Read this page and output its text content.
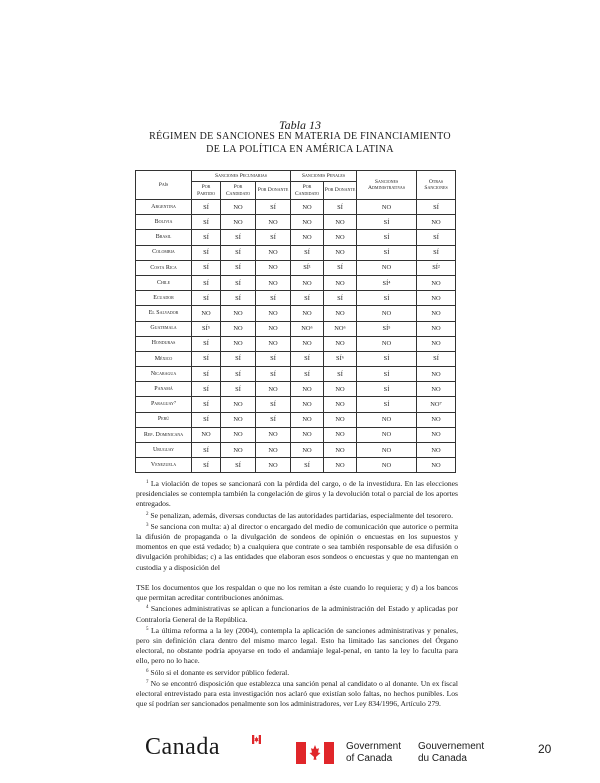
Tabla 13
RÉGIMEN DE SANCIONES EN MATERIA DE FINANCIAMIENTO
DE LA POLÍTICA EN AMÉRICA LATINA
País	Sanciones Pecuniarias			Sanciones Penales		Sanciones Administrativas	Otras Sanciones
	Por Partido	Por Candidato	Por Donante	Por Candidato	Por Donante		
Argentina	SÍ	NO	SÍ	NO	SÍ	NO	SÍ
Bolivia	SÍ	NO	NO	NO	NO	SÍ	NO
Brasil	SÍ	SÍ	SÍ	NO	NO	SÍ	SÍ
Colombia	SÍ	SÍ	NO	SÍ	NO	SÍ	SÍ
Costa Rica	SÍ	SÍ	NO	SÍ¹	SÍ	NO	SÍ²
Chile	SÍ	SÍ	NO	NO	NO	SÍ⁴	NO
Ecuador	SÍ	SÍ	SÍ	SÍ	SÍ	SÍ	NO
El Salvador	NO	NO	NO	NO	NO	NO	NO
Guatemala	SÍ⁵	NO	NO	NO⁶	NO⁶	SÍ⁵	NO
Honduras	SÍ	NO	NO	NO	NO	NO	NO
México	SÍ	SÍ	SÍ	SÍ	SÍ⁶	SÍ	SÍ
Nicaragua	SÍ	SÍ	SÍ	SÍ	SÍ	SÍ	NO
Panamá	SÍ	SÍ	NO	NO	NO	SÍ	NO
Paraguay⁷	SÍ	NO	SÍ	NO	NO	SÍ	NO⁷
Perú	SÍ	NO	SÍ	NO	NO	NO	NO
Rep. Dominicana	NO	NO	NO	NO	NO	NO	NO
Uruguay	SÍ	NO	NO	NO	NO	NO	NO
Venezuela	SÍ	SÍ	NO	SÍ	NO	NO	NO

$^1$ La violación de topes se sancionará con la pérdida del cargo, o de la investidura. En las elecciones presidenciales se contempla también la congelación de giros y la devolución total o parcial de los aportes entregados.

$^2$ Se penalizan, además, diversas conductas de las autoridades partidarias, especialmente del tesorero.

$^3$ Se sanciona con multa: a) al director o encargado del medio de comunicación que autorice o permita la difusión de propaganda o la divulgación de sondeos de opinión o encuestas en los supuestos y momentos en que está vedado; b) a cualquiera que contrate o sea también responsable de esa difusión o divulgación prohibidas; c) a las entidades que elaboran esos sondeos o encuestas y que no mantengan en custodia y a disposición del

TSE los documentos que los respaldan o que no los remitan a éste cuando lo requiera; y d) a los bancos que permitan acreditar contribuciones anónimas.

$^4$ Sanciones administrativas se aplican a funcionarios de la administración del Estado y aplicadas por Contraloría General de la República.

$^5$ La última reforma a la ley (2004), contempla la aplicación de sanciones administrativas y penales, pero sin definición clara dentro del mismo marco legal. Esto ha limitado las sanciones del Órgano electoral, no obstante podría apoyarse en todo el andamiaje legal-penal, en tanto la ley lo faculta para ello, pero no lo hace.

$^6$ Sólo si el donante es servidor público federal.

$^7$ No se encontró disposición que establezca una sanción penal al candidato o al donante. Un ex fiscal electoral entrevistado para esta investigación nos aclaró que existían solo faltas, no hechos punibles. Los que sí podrían ser sancionados penalmente son los administradores, ver Ley 834/1996, Artículo 279.

Canada	Government
of Canada
Gouvernement
du Canada
20
